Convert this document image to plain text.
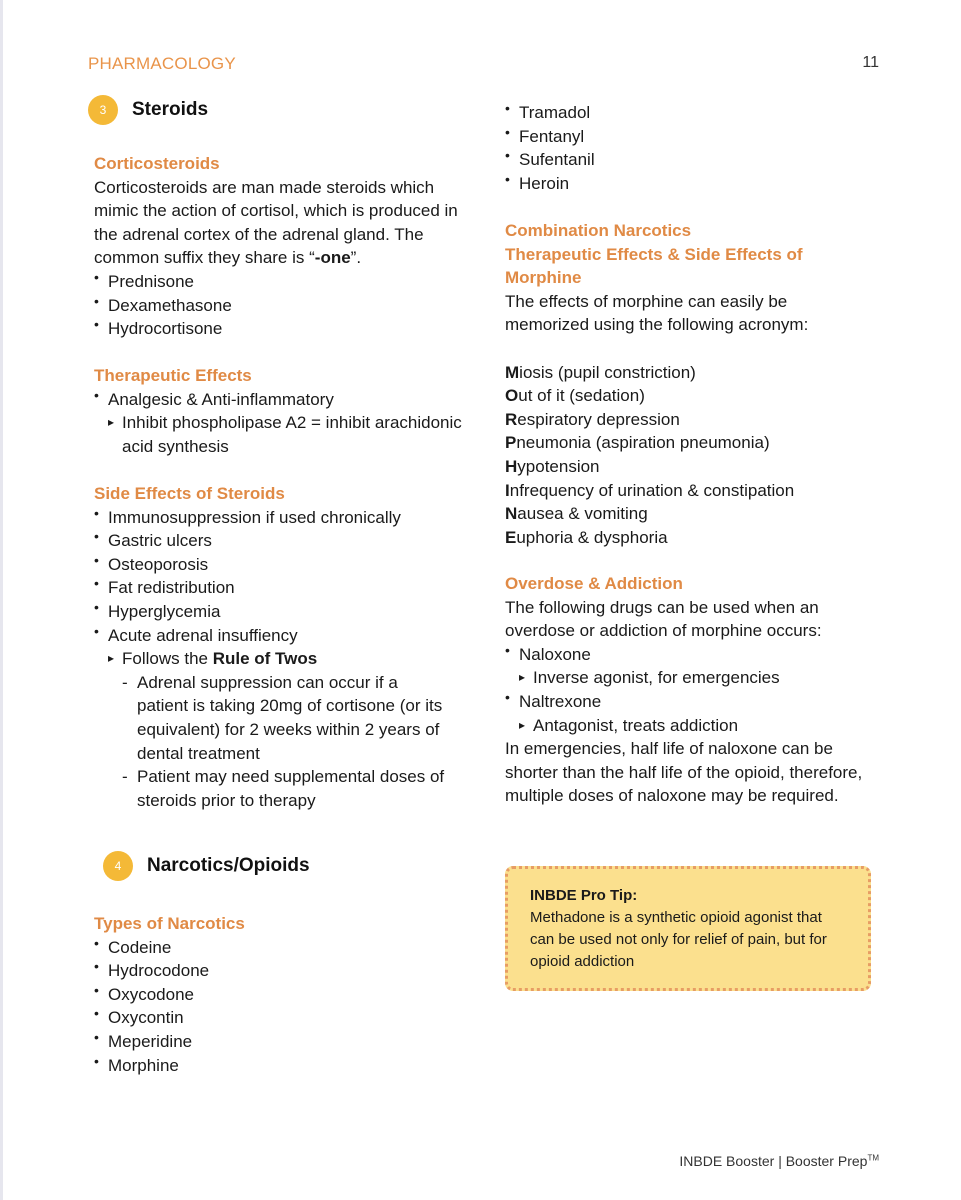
PHARMACOLOGY	11
3	Steroids
Corticosteroids

Corticosteroids are man made steroids which mimic the action of cortisol, which is produced in the adrenal cortex of the adrenal gland. The common suffix they share is “-one”.

• Prednisone
• Dexamethasone
• Hydrocortisone
Therapeutic Effects
• Analgesic & Anti-inflammatory
▸ Inhibit phospholipase A2 = inhibit arachidonic acid synthesis
Side Effects of Steroids
• Immunosuppression if used chronically
• Gastric ulcers
• Osteoporosis
• Fat redistribution
• Hyperglycemia
• Acute adrenal insuffiency
▸ Follows the Rule of Twos
- Adrenal suppression can occur if a patient is taking 20mg of cortisone (or its equivalent) for 2 weeks within 2 years of dental treatment
- Patient may need supplemental doses of steroids prior to therapy
4	Narcotics/Opioids
Types of Narcotics
• Codeine
• Hydrocodone
• Oxycodone
• Oxycontin
• Meperidine
• Morphine
• Tramadol
• Fentanyl
• Sufentanil
• Heroin
Combination Narcotics
Therapeutic Effects & Side Effects of Morphine

The effects of morphine can easily be memorized using the following acronym:

Miosis (pupil constriction)
Out of it (sedation)
Respiratory depression
Pneumonia (aspiration pneumonia)
Hypotension
Infrequency of urination & constipation
Nausea & vomiting
Euphoria & dysphoria
Overdose & Addiction

The following drugs can be used when an overdose or addiction of morphine occurs:

• Naloxone
▸ Inverse agonist, for emergencies
• Naltrexone
▸ Antagonist, treats addiction

In emergencies, half life of naloxone can be shorter than the half life of the opioid, therefore, multiple doses of naloxone may be required.

INBDE Pro Tip:
Methadone is a synthetic opioid agonist that can be used not only for relief of pain, but for opioid addiction
INBDE Booster | Booster Prep™
